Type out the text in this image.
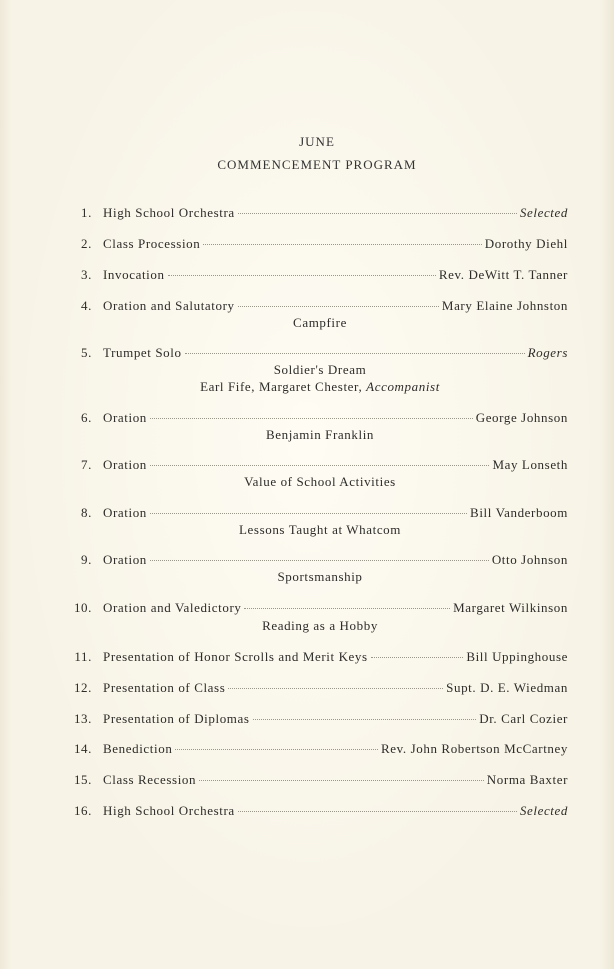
JUNE
COMMENCEMENT PROGRAM
1. High School Orchestra	Selected
2. Class Procession	Dorothy Diehl
3. Invocation	Rev. DeWitt T. Tanner
4. Oration and Salutatory	Mary Elaine Johnston
Campfire
5. Trumpet Solo	Rogers
Soldier's Dream
Earl Fife, Margaret Chester, Accompanist
6. Oration	George Johnson
Benjamin Franklin
7. Oration	May Lonseth
Value of School Activities
8. Oration	Bill Vanderboom
Lessons Taught at Whatcom
9. Oration	Otto Johnson
Sportsmanship
10. Oration and Valedictory	Margaret Wilkinson
Reading as a Hobby
11. Presentation of Honor Scrolls and Merit Keys	Bill Uppinghouse
12. Presentation of Class	Supt. D. E. Wiedman
13. Presentation of Diplomas	Dr. Carl Cozier
14. Benediction	Rev. John Robertson McCartney
15. Class Recession	Norma Baxter
16. High School Orchestra	Selected
